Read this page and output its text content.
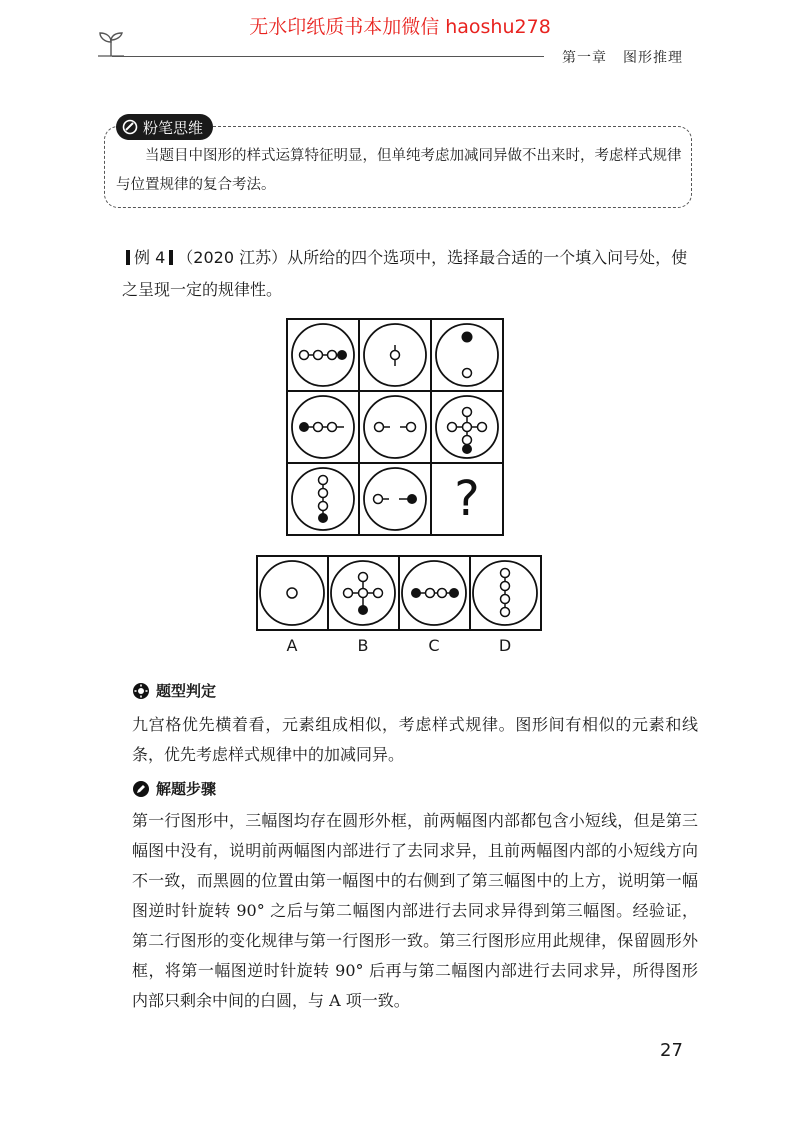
无水印纸质书本加微信 haoshu278
第一章 图形推理
粉笔思维
当题目中图形的样式运算特征明显，但单纯考虑加减同异做不出来时，考虑样式规律与位置规律的复合考法。
例 4 （2020 江苏）从所给的四个选项中，选择最合适的一个填入问号处，使之呈现一定的规律性。
?
A	B	C	D
题型判定

九宫格优先横着看，元素组成相似，考虑样式规律。图形间有相似的元素和线条，优先考虑样式规律中的加减同异。

解题步骤

第一行图形中，三幅图均存在圆形外框，前两幅图内部都包含小短线，但是第三幅图中没有，说明前两幅图内部进行了去同求异，且前两幅图内部的小短线方向不一致，而黑圆的位置由第一幅图中的右侧到了第三幅图中的上方，说明第一幅图逆时针旋转 90° 之后与第二幅图内部进行去同求异得到第三幅图。经验证，第二行图形的变化规律与第一行图形一致。第三行图形应用此规律，保留圆形外框，将第一幅图逆时针旋转 90° 后再与第二幅图内部进行去同求异，所得图形内部只剩余中间的白圆，与 A 项一致。

27
